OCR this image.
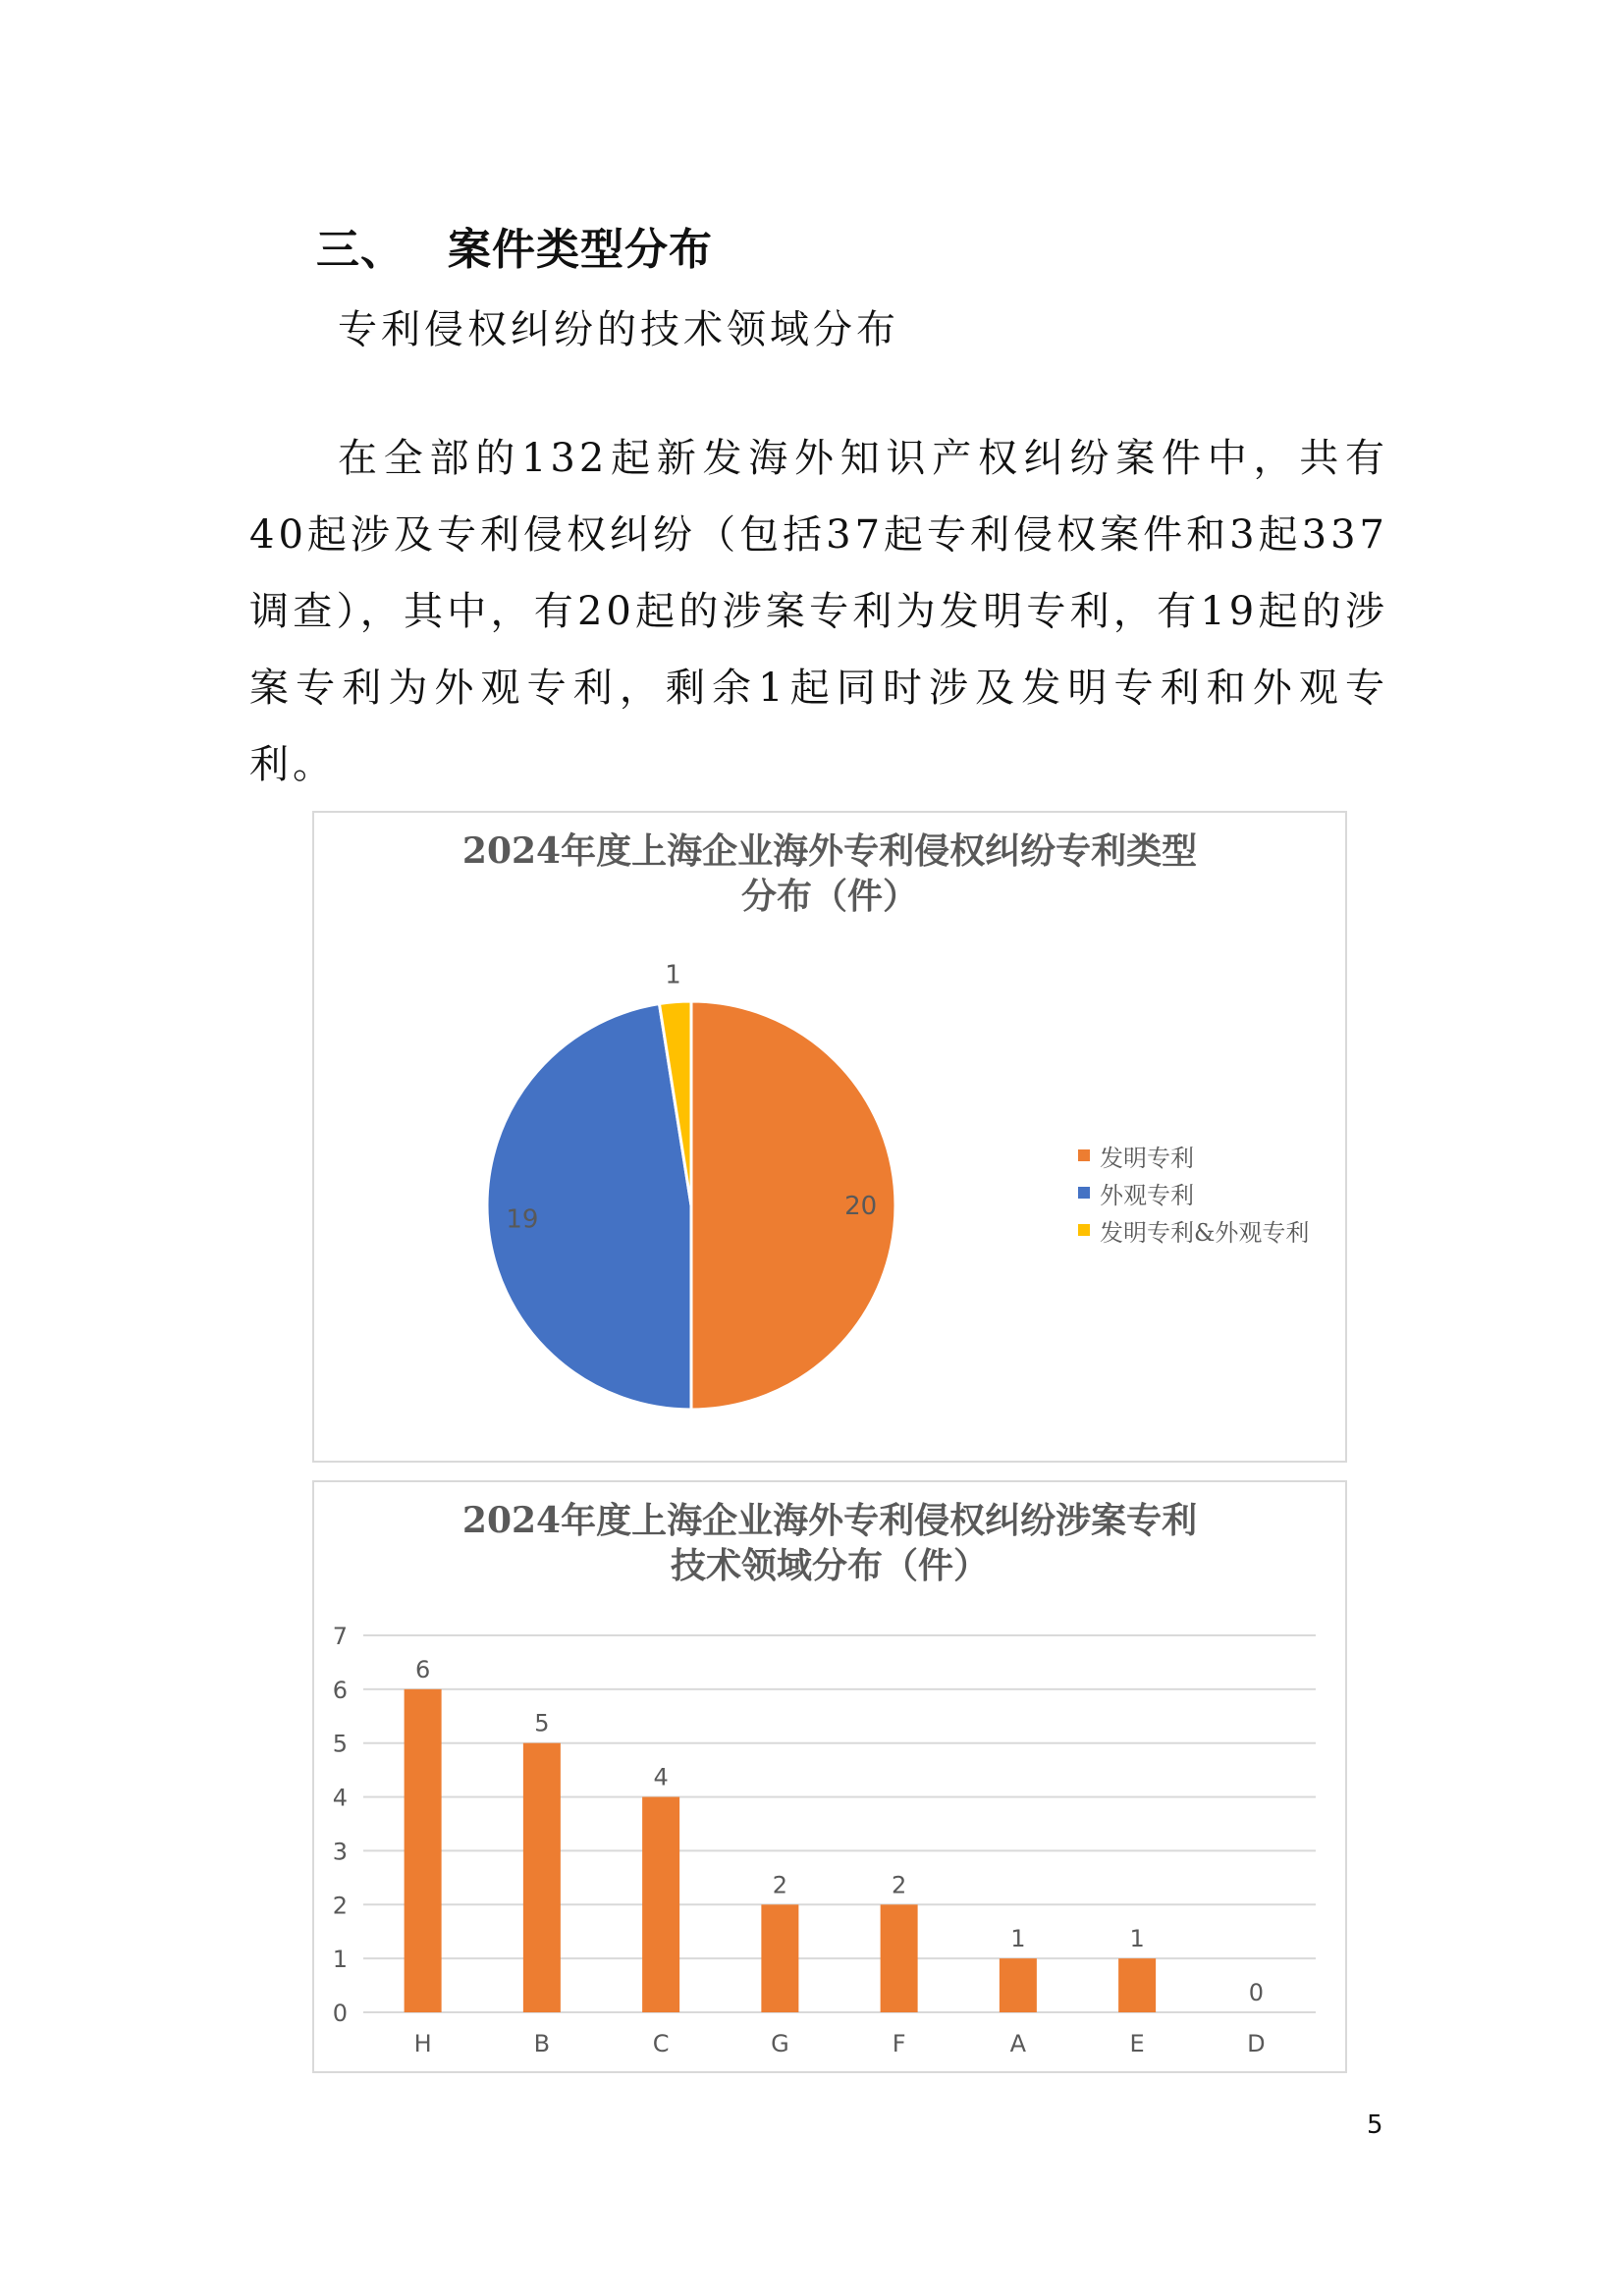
三、 案件类型分布
专利侵权纠纷的技术领域分布

在全部的132起新发海外知识产权纠纷案件中，共有40起涉及专利侵权纠纷（包括37起专利侵权案件和3起337调查），其中，有20起的涉案专利为发明专利，有19起的涉案专利为外观专利，剩余1起同时涉及发明专利和外观专利。

2024年度上海企业海外专利侵权纠纷专利类型
分布（件）
20
19
1
发明专利
外观专利
发明专利&外观专利
2024年度上海企业海外专利侵权纠纷涉案专利
技术领域分布（件）
0
1
2
3
4
5
6
7
6
H
5
B
4
C
2
G
2
F
1
A
1
E
0
D
5
